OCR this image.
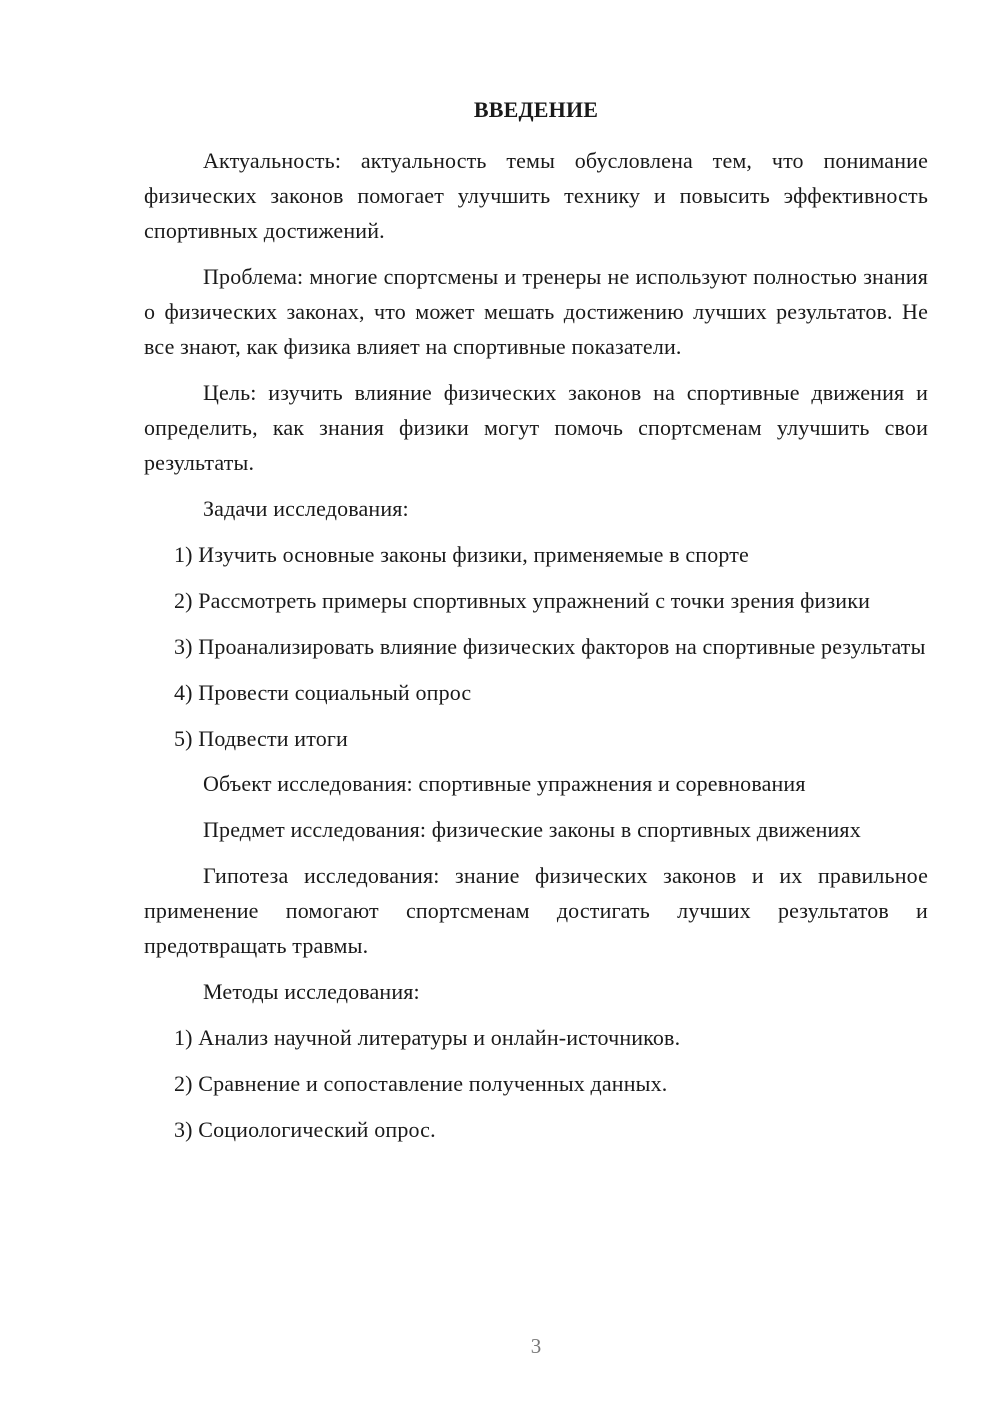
ВВЕДЕНИЕ

Актуальность: актуальность темы обусловлена тем, что понимание физических законов помогает улучшить технику и повысить эффективность спортивных достижений.

Проблема: многие спортсмены и тренеры не используют полностью знания о физических законах, что может мешать достижению лучших результатов. Не все знают, как физика влияет на спортивные показатели.

Цель: изучить влияние физических законов на спортивные движения и определить, как знания физики могут помочь спортсменам улучшить свои результаты.

Задачи исследования:

1) Изучить основные законы физики, применяемые в спорте

2) Рассмотреть примеры спортивных упражнений с точки зрения физики

3) Проанализировать влияние физических факторов на спортивные результаты

4) Провести социальный опрос

5) Подвести итоги

Объект исследования: спортивные упражнения и соревнования

Предмет исследования: физические законы в спортивных движениях

Гипотеза исследования: знание физических законов и их правильное применение помогают спортсменам достигать лучших результатов и предотвращать травмы.

Методы исследования:

1) Анализ научной литературы и онлайн-источников.

2) Сравнение и сопоставление полученных данных.

3) Социологический опрос.

3
